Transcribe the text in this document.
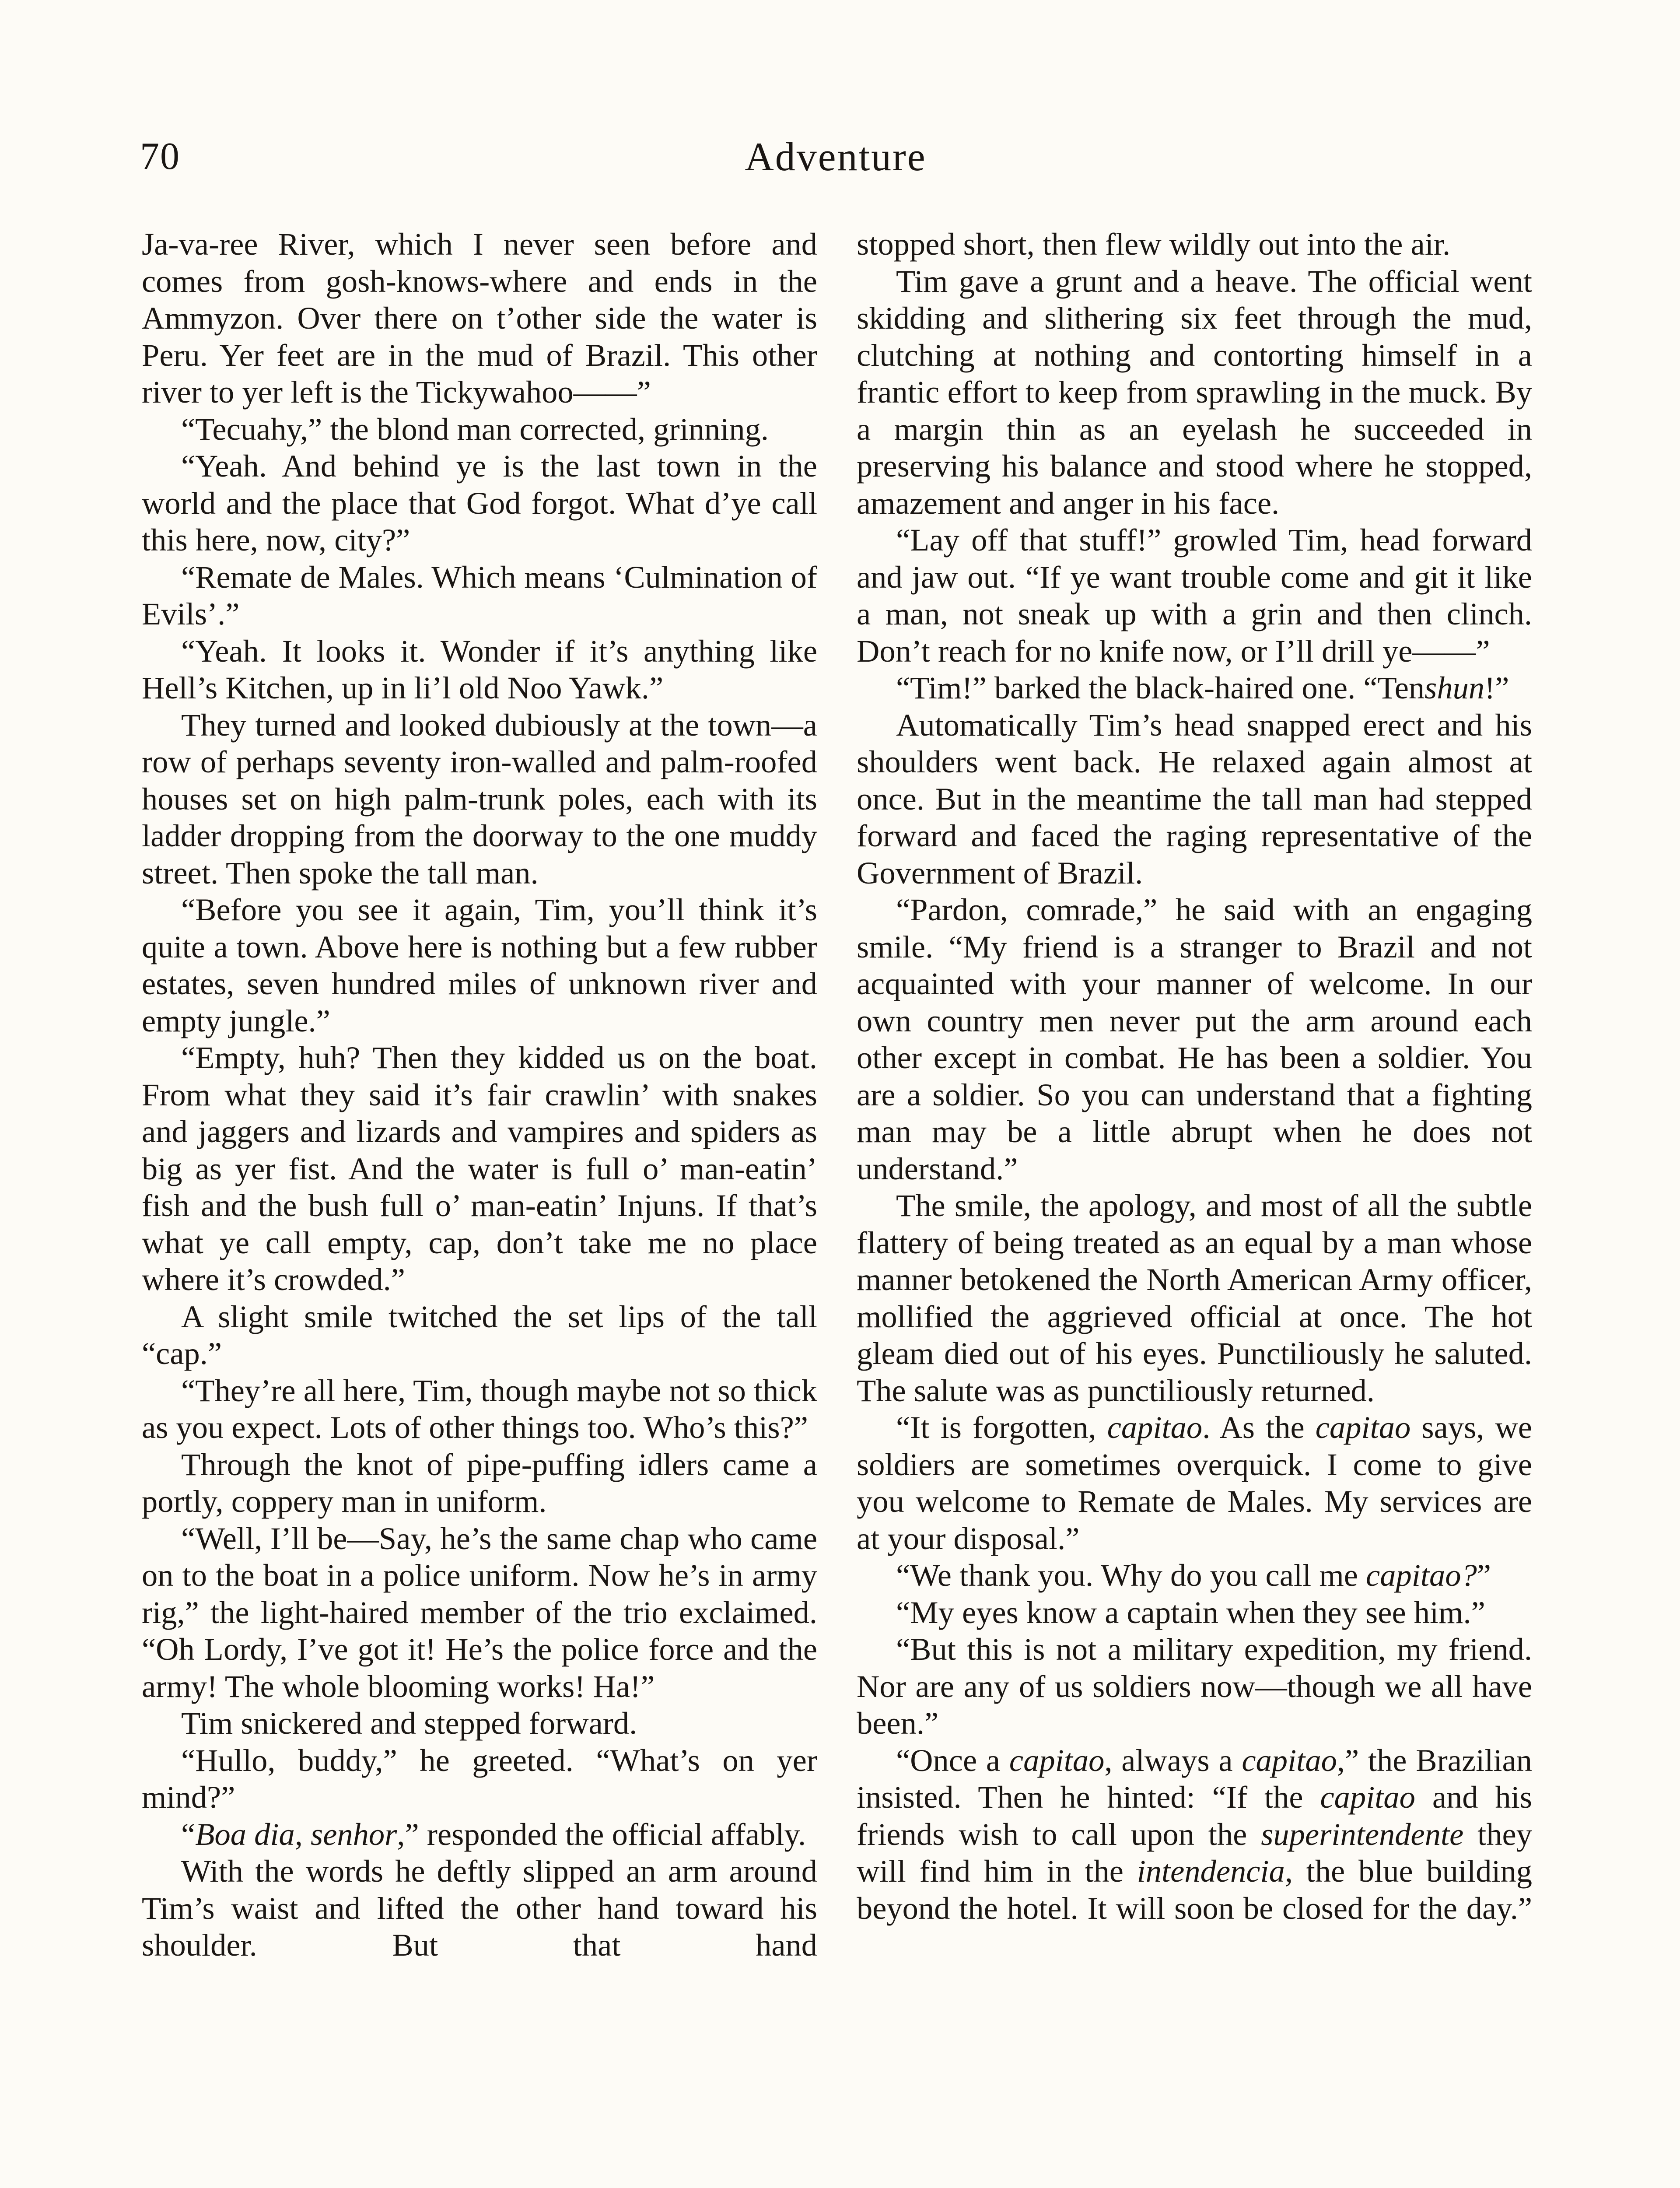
70	Adventure

Ja-va-ree River, which I never seen before and comes from gosh-knows-where and ends in the Ammyzon. Over there on t’other side the water is Peru. Yer feet are in the mud of Brazil. This other river to yer left is the Tickywahoo——”

“Tecuahy,” the blond man corrected, grinning.

“Yeah. And behind ye is the last town in the world and the place that God forgot. What d’ye call this here, now, city?”

“Remate de Males. Which means ‘Culmination of Evils’.”

“Yeah. It looks it. Wonder if it’s anything like Hell’s Kitchen, up in li’l old Noo Yawk.”

They turned and looked dubiously at the town—a row of perhaps seventy iron-walled and palm-roofed houses set on high palm-trunk poles, each with its ladder dropping from the doorway to the one muddy street. Then spoke the tall man.

“Before you see it again, Tim, you’ll think it’s quite a town. Above here is nothing but a few rubber estates, seven hundred miles of unknown river and empty jungle.”

“Empty, huh? Then they kidded us on the boat. From what they said it’s fair crawlin’ with snakes and jaggers and lizards and vampires and spiders as big as yer fist. And the water is full o’ man-eatin’ fish and the bush full o’ man-eatin’ Injuns. If that’s what ye call empty, cap, don’t take me no place where it’s crowded.”

A slight smile twitched the set lips of the tall “cap.”

“They’re all here, Tim, though maybe not so thick as you expect. Lots of other things too. Who’s this?”

Through the knot of pipe-puffing idlers came a portly, coppery man in uniform.

“Well, I’ll be—Say, he’s the same chap who came on to the boat in a police uniform. Now he’s in army rig,” the light-haired member of the trio exclaimed. “Oh Lordy, I’ve got it! He’s the police force and the army! The whole blooming works! Ha!”

Tim snickered and stepped forward.

“Hullo, buddy,” he greeted. “What’s on yer mind?”

“Boa dia, senhor,” responded the official affably.

With the words he deftly slipped an arm around Tim’s waist and lifted the other hand toward his shoulder. But that hand

stopped short, then flew wildly out into the air.

Tim gave a grunt and a heave. The official went skidding and slithering six feet through the mud, clutching at nothing and contorting himself in a frantic effort to keep from sprawling in the muck. By a margin thin as an eyelash he succeeded in preserving his balance and stood where he stopped, amazement and anger in his face.

“Lay off that stuff!” growled Tim, head forward and jaw out. “If ye want trouble come and git it like a man, not sneak up with a grin and then clinch. Don’t reach for no knife now, or I’ll drill ye——”

“Tim!” barked the black-haired one. “Tenshun!”

Automatically Tim’s head snapped erect and his shoulders went back. He relaxed again almost at once. But in the meantime the tall man had stepped forward and faced the raging representative of the Government of Brazil.

“Pardon, comrade,” he said with an engaging smile. “My friend is a stranger to Brazil and not acquainted with your manner of welcome. In our own country men never put the arm around each other except in combat. He has been a soldier. You are a soldier. So you can understand that a fighting man may be a little abrupt when he does not understand.”

The smile, the apology, and most of all the subtle flattery of being treated as an equal by a man whose manner betokened the North American Army officer, mollified the aggrieved official at once. The hot gleam died out of his eyes. Punctiliously he saluted. The salute was as punctiliously returned.

“It is forgotten, capitao. As the capitao says, we soldiers are sometimes overquick. I come to give you welcome to Remate de Males. My services are at your disposal.”

“We thank you. Why do you call me capitao?”

“My eyes know a captain when they see him.”

“But this is not a military expedition, my friend. Nor are any of us soldiers now—though we all have been.”

“Once a capitao, always a capitao,” the Brazilian insisted. Then he hinted: “If the capitao and his friends wish to call upon the superintendente they will find him in the intendencia, the blue building beyond the hotel. It will soon be closed for the day.”
